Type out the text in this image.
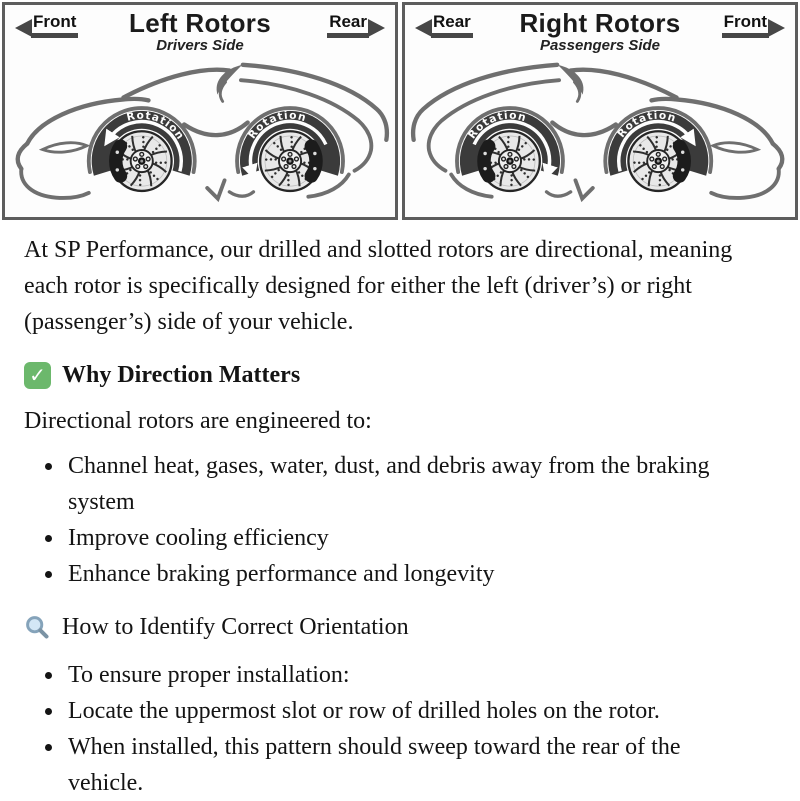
Left Rotors
Drivers Side
Front	Rear
Rotation	Rotation
Right Rotors
Passengers Side
Rear	Front
Rotation
Rotation

At SP Performance, our drilled and slotted rotors are directional, meaning each rotor is specifically designed for either the left (driver’s) or right (passenger’s) side of your vehicle.

✓
Why Direction Matters

Directional rotors are engineered to:

• Channel heat, gases, water, dust, and debris away from the braking system
• Improve cooling efficiency
• Enhance braking performance and longevity
How to Identify Correct Orientation
• To ensure proper installation:
• Locate the uppermost slot or row of drilled holes on the rotor.
• When installed, this pattern should sweep toward the rear of the vehicle.
